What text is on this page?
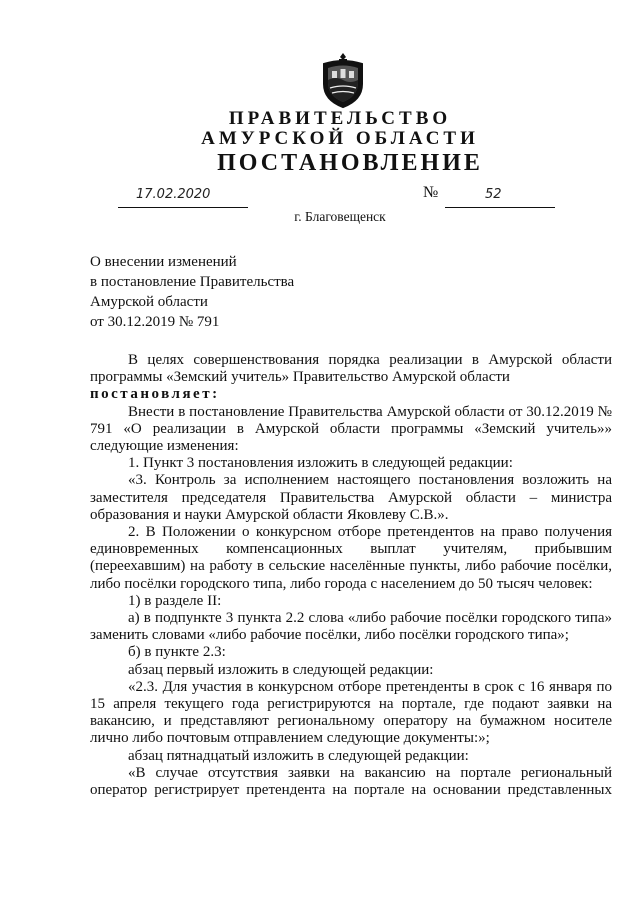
ПРАВИТЕЛЬСТВО
АМУРСКОЙ ОБЛАСТИ
ПОСТАНОВЛЕНИЕ
17.02.2020	№	52
г. Благовещенск
О внесении изменений
в постановление Правительства
Амурской области
от 30.12.2019 № 791

В целях совершенствования порядка реализации в Амурской области программы «Земский учитель» Правительство Амурской области

постановляет:

Внести в постановление Правительства Амурской области от 30.12.2019 № 791 «О реализации в Амурской области программы «Земский учитель»» следующие изменения:

1. Пункт 3 постановления изложить в следующей редакции:

«3. Контроль за исполнением настоящего постановления возложить на заместителя председателя Правительства Амурской области – министра образования и науки Амурской области Яковлеву С.В.».

2. В Положении о конкурсном отборе претендентов на право получения единовременных компенсационных выплат учителям, прибывшим (переехавшим) на работу в сельские населённые пункты, либо рабочие посёлки, либо посёлки городского типа, либо города с населением до 50 тысяч человек:

1) в разделе II:

а) в подпункте 3 пункта 2.2 слова «либо рабочие посёлки городского типа» заменить словами «либо рабочие посёлки, либо посёлки городского типа»;

б) в пункте 2.3:

абзац первый изложить в следующей редакции:

«2.3. Для участия в конкурсном отборе претенденты в срок с 16 января по 15 апреля текущего года регистрируются на портале, где подают заявки на вакансию, и представляют региональному оператору на бумажном носителе лично либо почтовым отправлением следующие документы:»;

абзац пятнадцатый изложить в следующей редакции:

«В случае отсутствия заявки на вакансию на портале региональный оператор регистрирует претендента на портале на основании представленных
